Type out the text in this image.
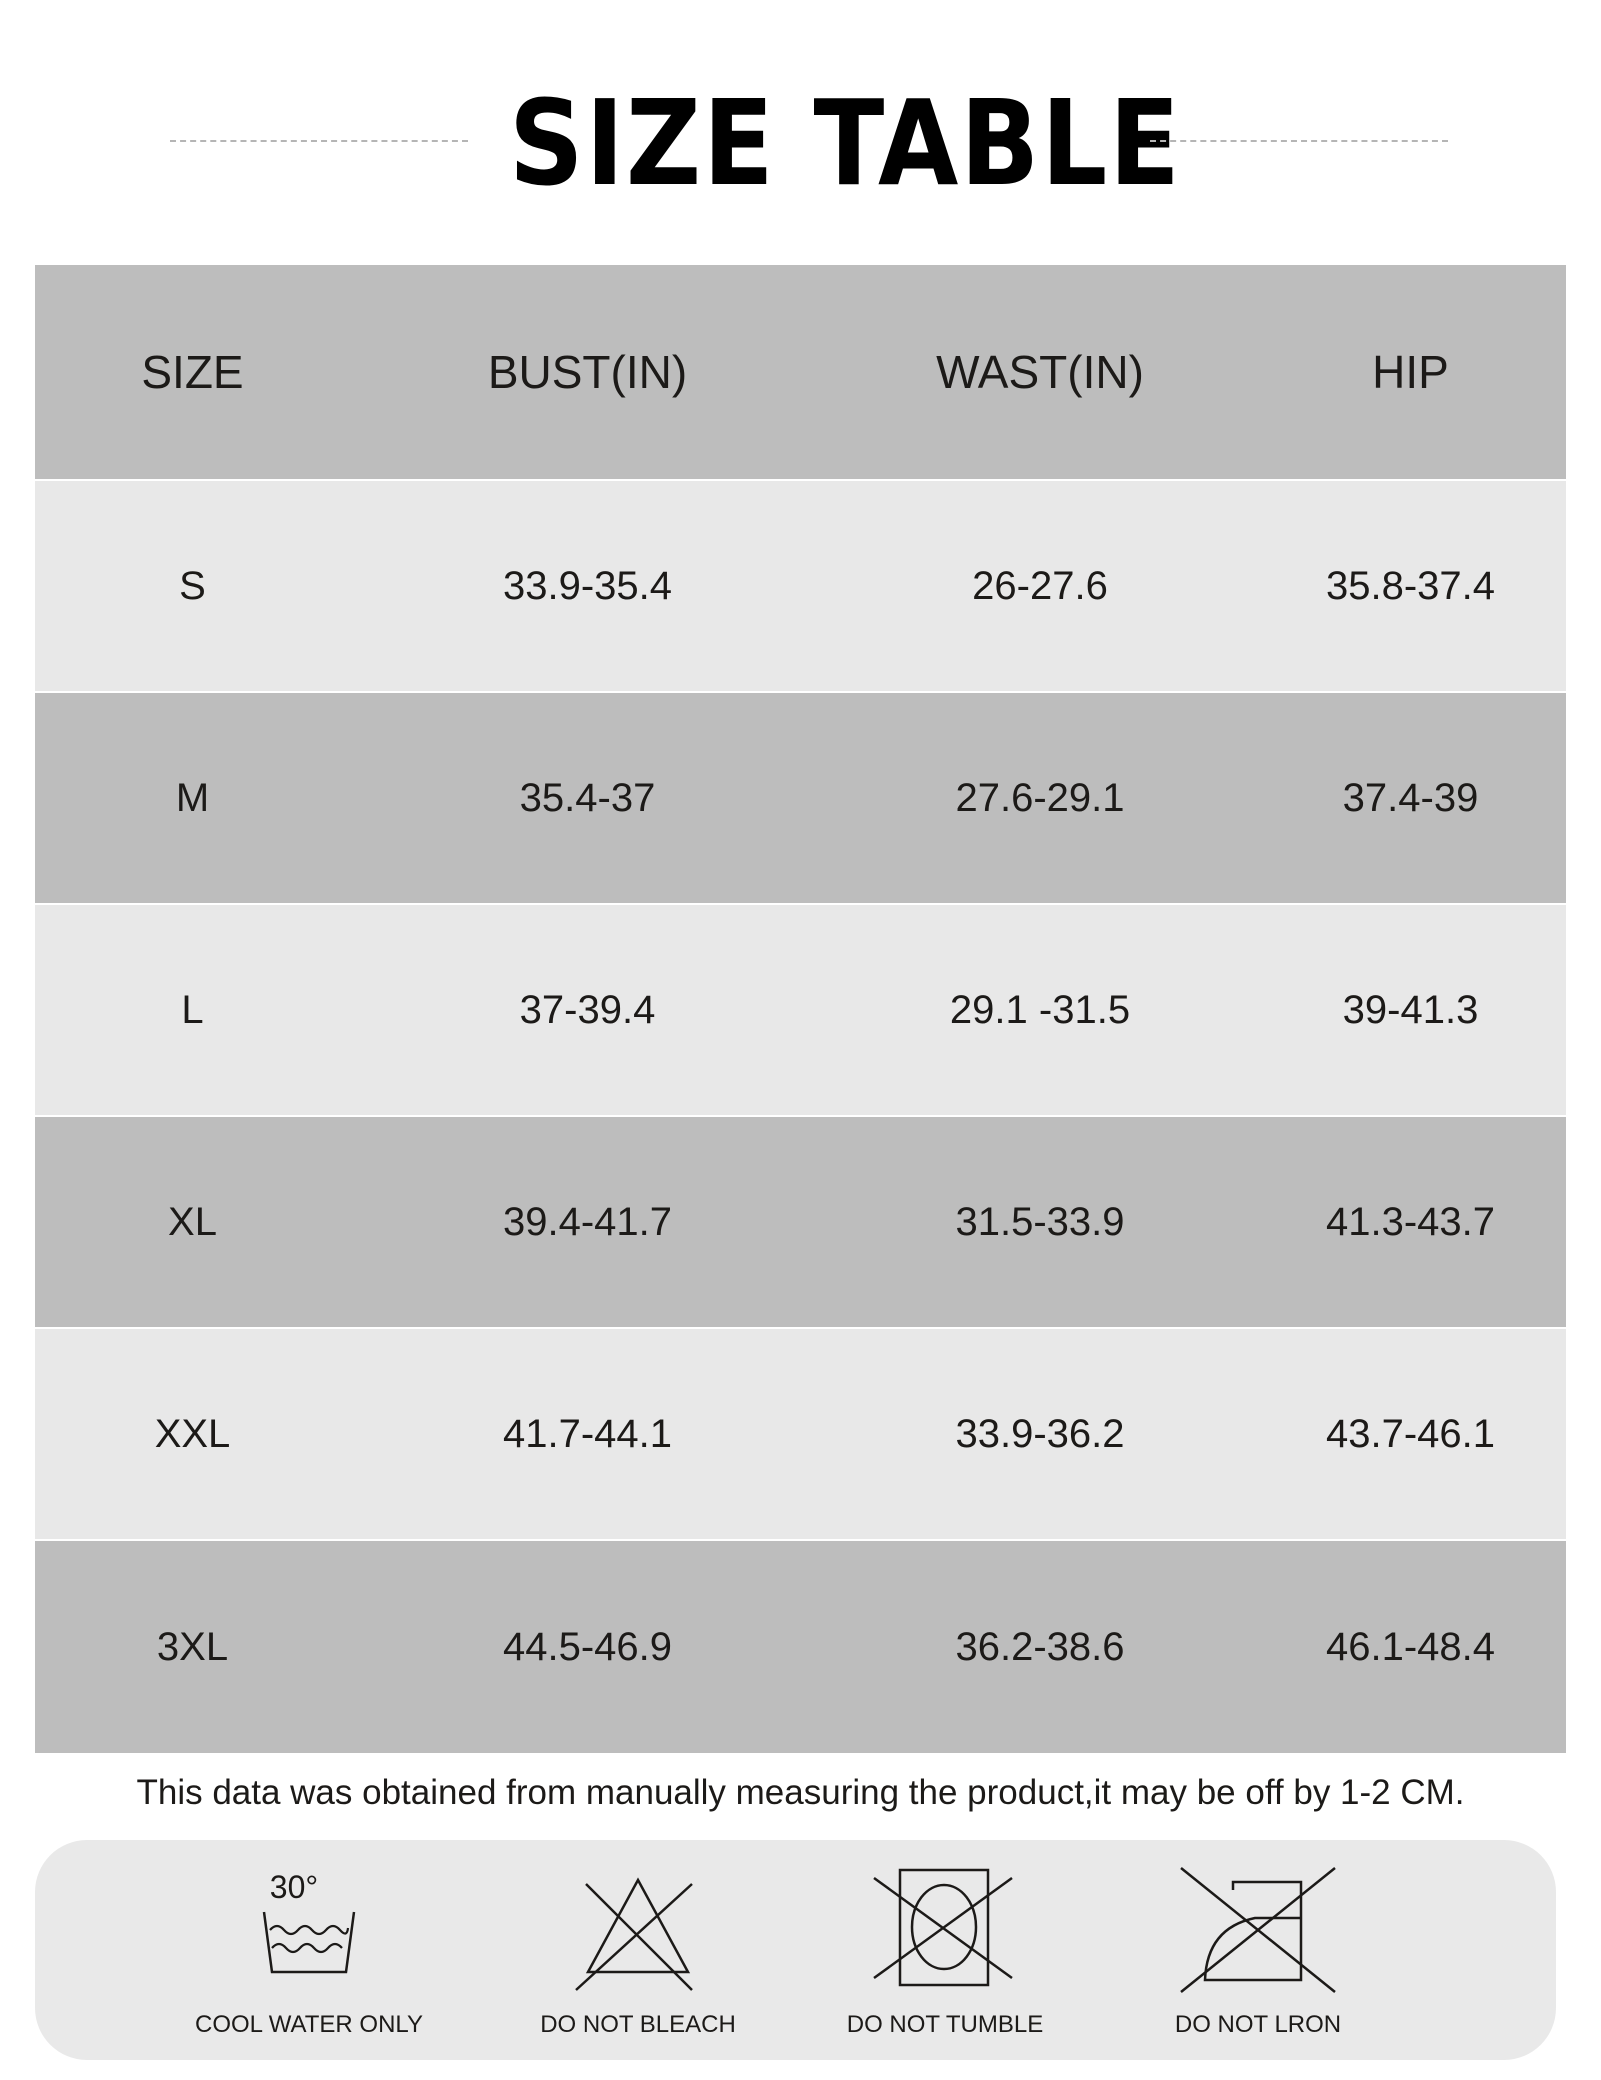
SIZE TABLE
SIZE	BUST(IN)	WAST(IN)	HIP
S	33.9-35.4	26-27.6	35.8-37.4
M	35.4-37	27.6-29.1	37.4-39
L	37-39.4	29.1 -31.5	39-41.3
XL	39.4-41.7	31.5-33.9	41.3-43.7
XXL	41.7-44.1	33.9-36.2	43.7-46.1
3XL	44.5-46.9	36.2-38.6	46.1-48.4
This data was obtained from manually measuring the product,it may be off by 1-2 CM.
30°
COOL WATER ONLY	DO NOT BLEACH	DO NOT TUMBLE	DO NOT LRON
